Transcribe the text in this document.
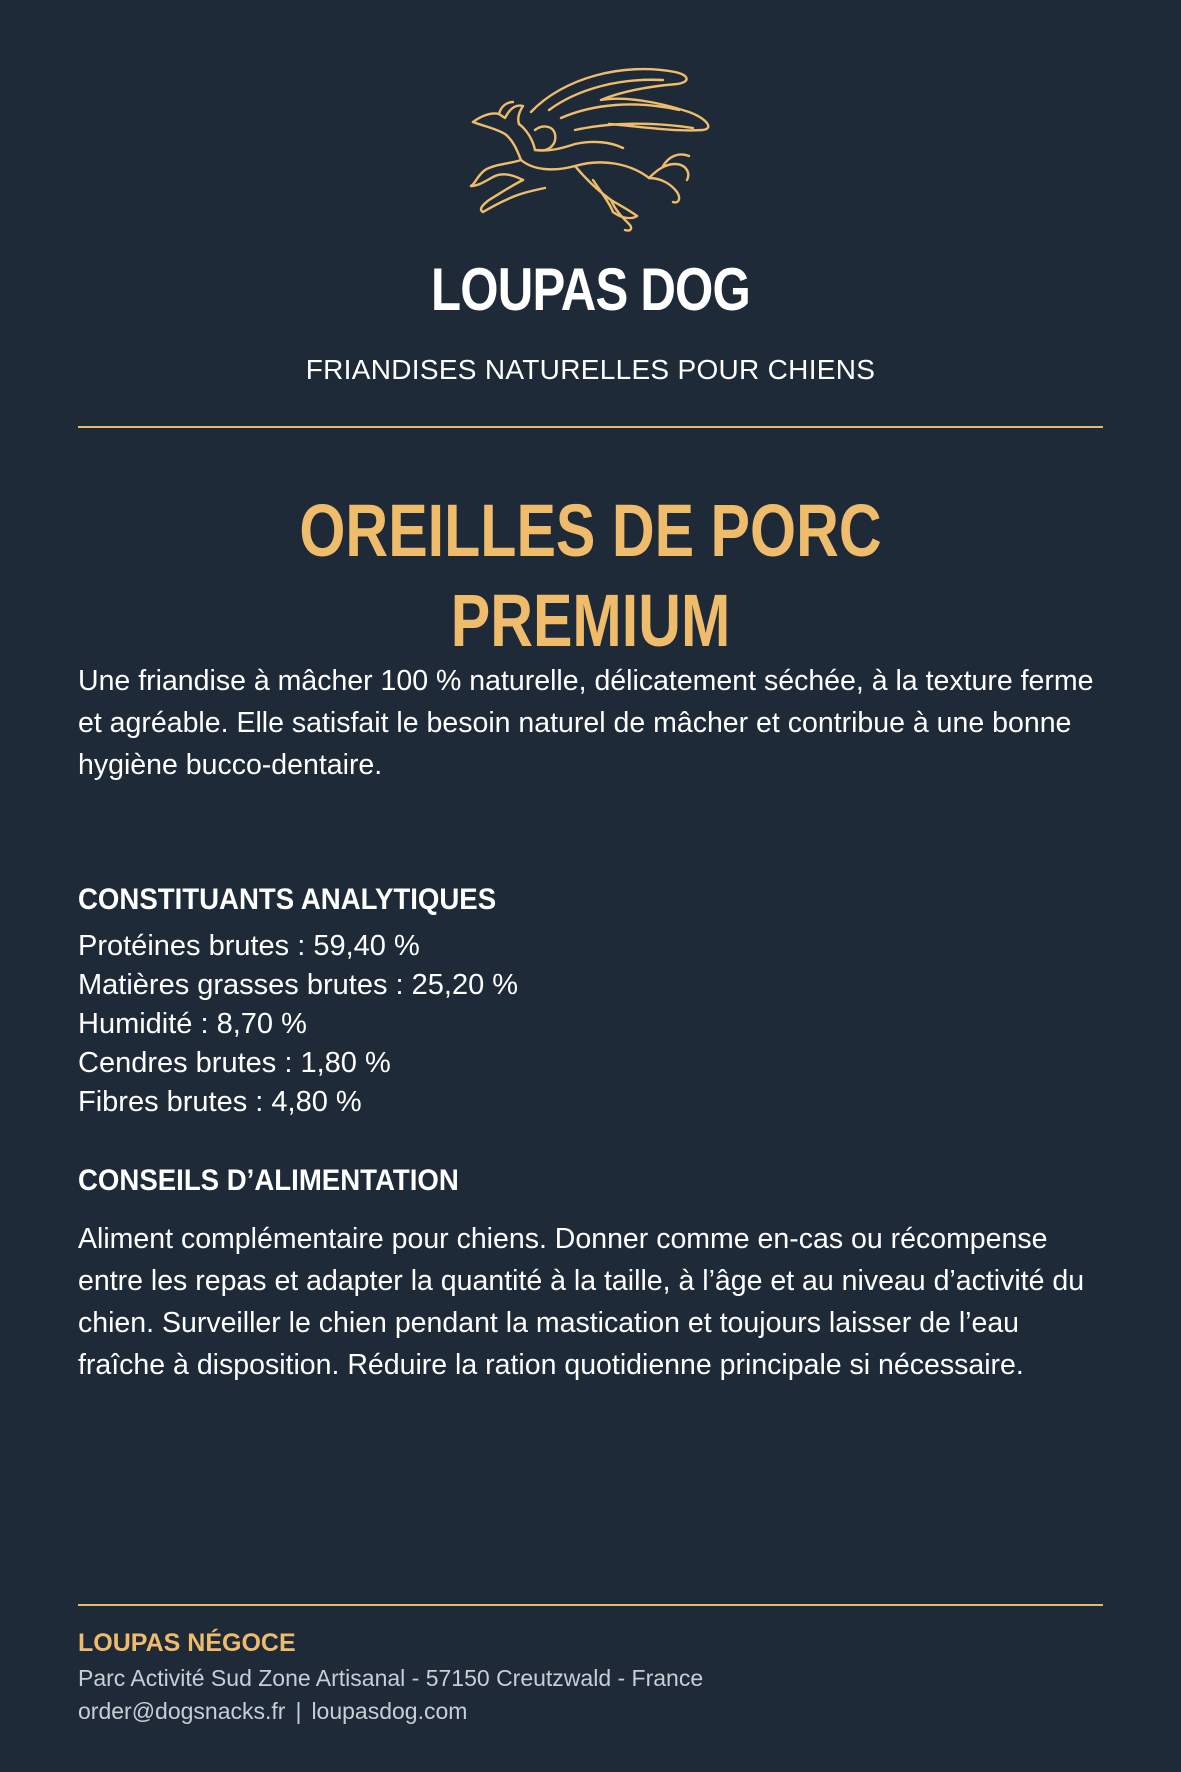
LOUPAS DOG
FRIANDISES NATURELLES POUR CHIENS
OREILLES DE PORC PREMIUM

Une friandise à mâcher 100 % naturelle, délicatement séchée, à la texture ferme et agréable. Elle satisfait le besoin naturel de mâcher et contribue à une bonne hygiène bucco-dentaire.

CONSTITUANTS ANALYTIQUES
Protéines brutes : 59,40 %
Matières grasses brutes : 25,20 %
Humidité : 8,70 %
Cendres brutes : 1,80 %
Fibres brutes : 4,80 %
CONSEILS D’ALIMENTATION

Aliment complémentaire pour chiens. Donner comme en-cas ou récompense entre les repas et adapter la quantité à la taille, à l’âge et au niveau d’activité du chien. Surveiller le chien pendant la mastication et toujours laisser de l’eau fraîche à disposition. Réduire la ration quotidienne principale si nécessaire.

LOUPAS NÉGOCE
Parc Activité Sud Zone Artisanal - 57150 Creutzwald - France
order@dogsnacks.fr | loupasdog.com
